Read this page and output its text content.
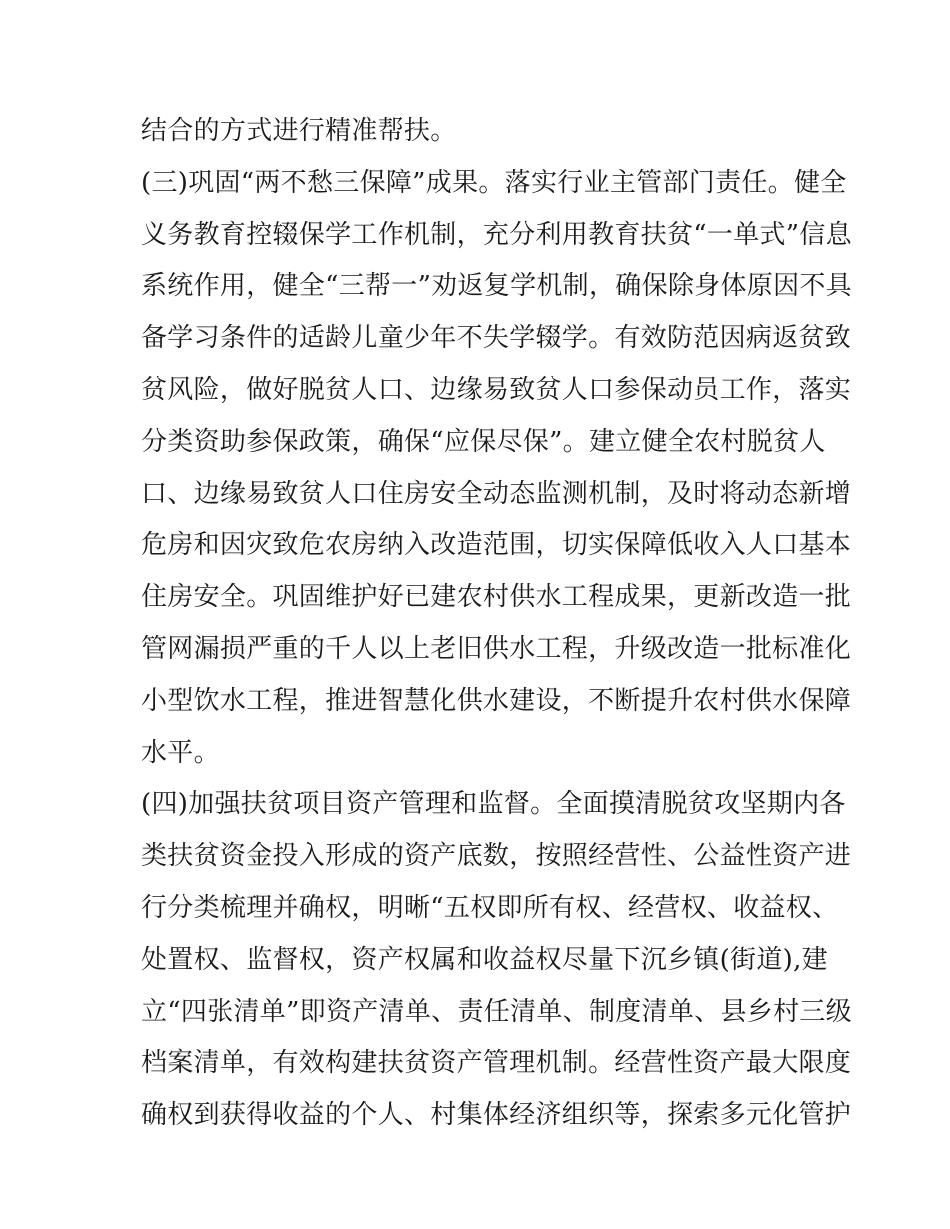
结合的方式进行精准帮扶。
(三)巩固“两不愁三保障”成果。落实行业主管部门责任。健全
义务教育控辍保学工作机制，充分利用教育扶贫“一单式”信息
系统作用，健全“三帮一”劝返复学机制，确保除身体原因不具
备学习条件的适龄儿童少年不失学辍学。有效防范因病返贫致
贫风险，做好脱贫人口、边缘易致贫人口参保动员工作，落实
分类资助参保政策，确保“应保尽保”。建立健全农村脱贫人
口、边缘易致贫人口住房安全动态监测机制，及时将动态新增
危房和因灾致危农房纳入改造范围，切实保障低收入人口基本
住房安全。巩固维护好已建农村供水工程成果，更新改造一批
管网漏损严重的千人以上老旧供水工程，升级改造一批标准化
小型饮水工程，推进智慧化供水建设，不断提升农村供水保障
水平。
(四)加强扶贫项目资产管理和监督。全面摸清脱贫攻坚期内各
类扶贫资金投入形成的资产底数，按照经营性、公益性资产进
行分类梳理并确权，明晰“五权即所有权、经营权、收益权、
处置权、监督权，资产权属和收益权尽量下沉乡镇(街道),建
立“四张清单”即资产清单、责任清单、制度清单、县乡村三级
档案清单，有效构建扶贫资产管理机制。经营性资产最大限度
确权到获得收益的个人、村集体经济组织等，探索多元化管护
